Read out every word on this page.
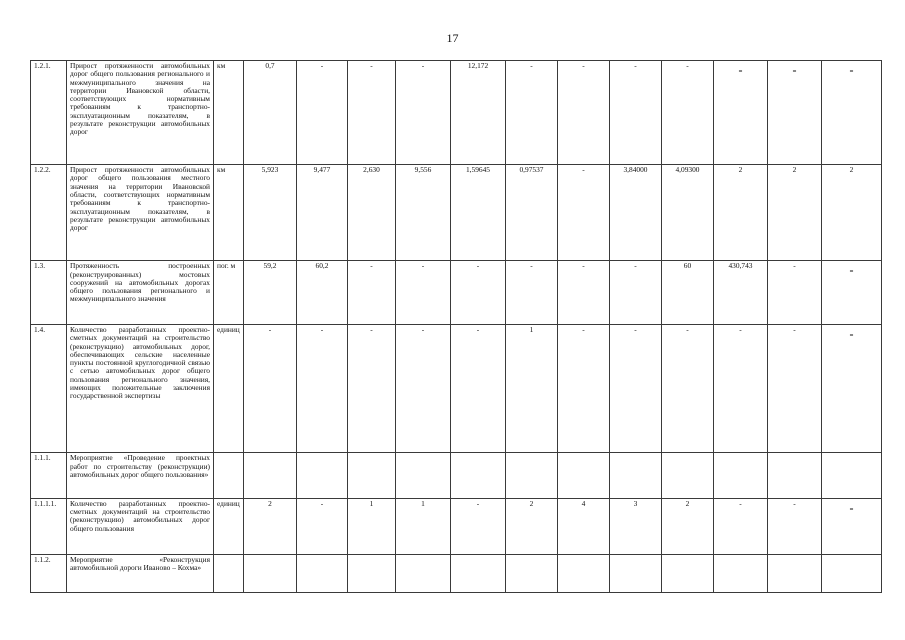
17
1.2.1.	Прирост протяженности автомобильных дорог общего пользования регионального и межмуниципального значения на территории Ивановской области, соответствующих нормативным требованиям к транспортно-эксплуатационным показателям, в результате реконструкции автомобильных дорог	км	0,7	-	-	-	12,172	-	-	-	-	-	-	-
1.2.2.	Прирост протяженности автомобильных дорог общего пользования местного значения на территории Ивановской области, соответствующих нормативным требованиям к транспортно-эксплуатационным показателям, в результате реконструкции автомобильных дорог	км	5,923	9,477	2,630	9,556	1,59645	0,97537	-	3,84000	4,09300	2	2	2
1.3.	Протяженность построенных (реконструированных) мостовых сооружений на автомобильных дорогах общего пользования регионального и межмуниципального значения	пог. м	59,2	60,2	-	-	-	-	-	-	60	430,743	-	-
1.4.	Количество разработанных проектно-сметных документаций на строительство (реконструкцию) автомобильных дорог, обеспечивающих сельские населенные пункты постоянной круглогодичной связью с сетью автомобильных дорог общего пользования регионального значения, имеющих положительные заключения государственной экспертизы	единиц	-	-	-	-	-	1	-	-	-	-	-	-
1.1.1.	Мероприятие «Проведение проектных работ по строительству (реконструкции) автомобильных дорог общего пользования»													
1.1.1.1.	Количество разработанных проектно-сметных документаций на строительство (реконструкцию) автомобильных дорог общего пользования	единиц	2	-	1	1	-	2	4	3	2	-	-	-
1.1.2.	Мероприятие «Реконструкция автомобильной дороги Иваново – Кохма»													
